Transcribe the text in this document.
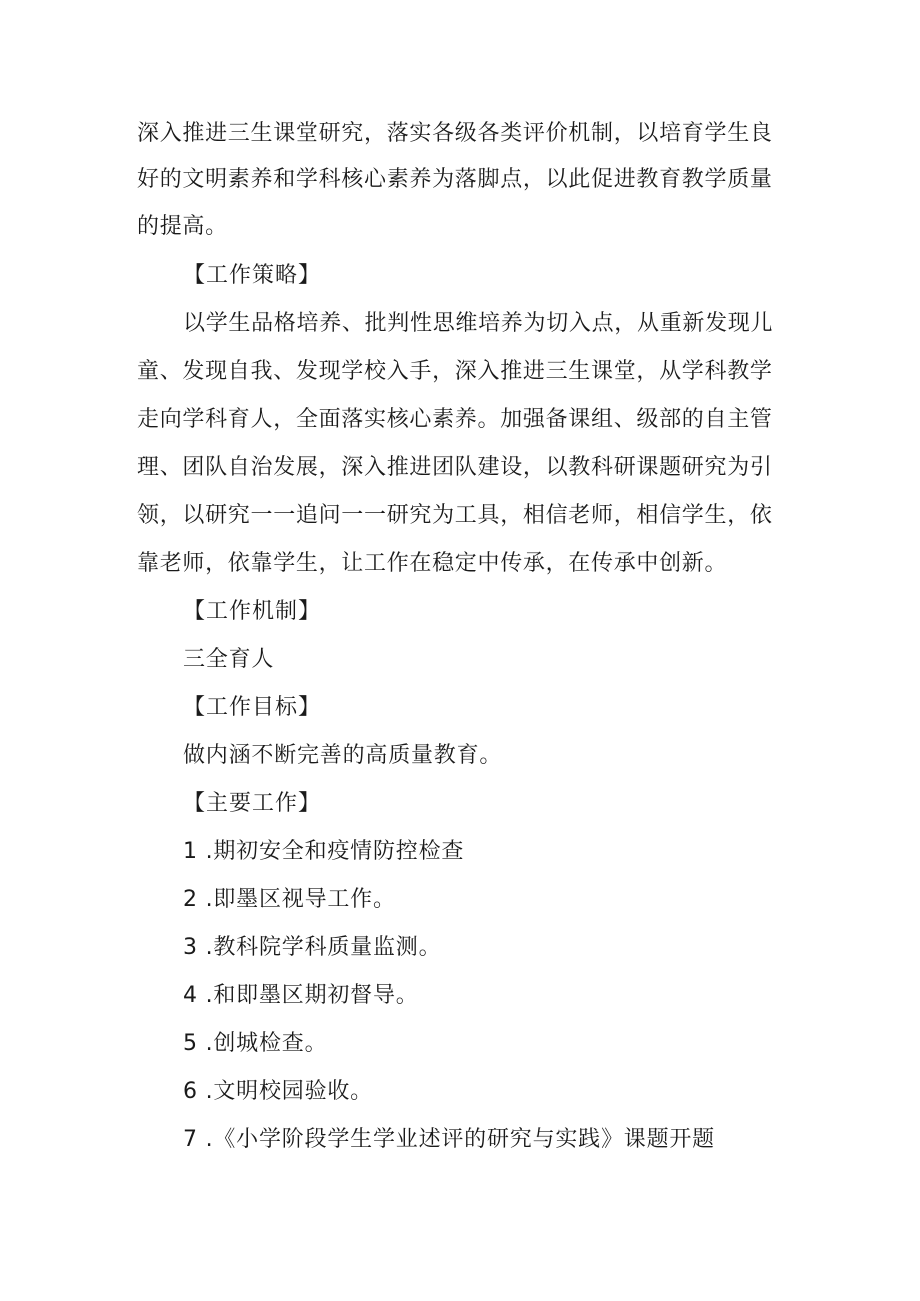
深入推进三生课堂研究，落实各级各类评价机制，以培育学生良
好的文明素养和学科核心素养为落脚点，以此促进教育教学质量
的提高。
【工作策略】
以学生品格培养、批判性思维培养为切入点，从重新发现儿
童、发现自我、发现学校入手，深入推进三生课堂，从学科教学
走向学科育人，全面落实核心素养。加强备课组、级部的自主管
理、团队自治发展，深入推进团队建设，以教科研课题研究为引
领，以研究一一追问一一研究为工具，相信老师，相信学生，依
靠老师，依靠学生，让工作在稳定中传承，在传承中创新。
【工作机制】
三全育人
【工作目标】
做内涵不断完善的高质量教育。
【主要工作】
1 .期初安全和疫情防控检查
2 .即墨区视导工作。
3 .教科院学科质量监测。
4 .和即墨区期初督导。
5 .创城检查。
6 .文明校园验收。
7 .《小学阶段学生学业述评的研究与实践》课题开题
